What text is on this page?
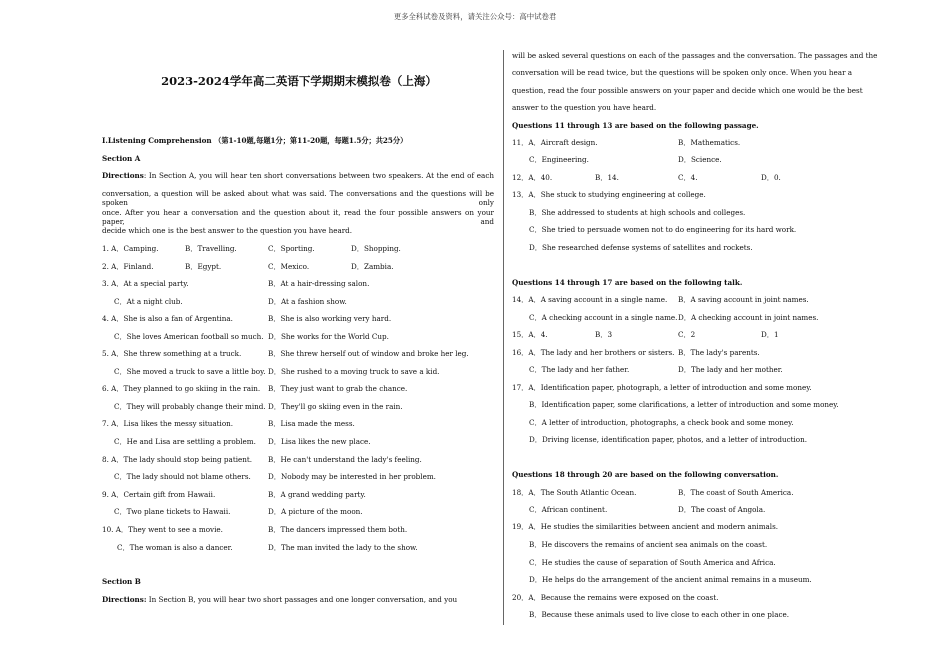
更多全科试卷及资料，请关注公众号：高中试卷君
2023-2024学年高二英语下学期期末模拟卷（上海）
I.Listening Comprehension （第1-10题,每题1分；第11-20题，每题1.5分；共25分）
Section A
Directions: In Section A, you will hear ten short conversations between two speakers. At the end of each
conversation, a question will be asked about what was said. The conversations and the questions will be spoken only
once. After you hear a conversation and the question about it, read the four possible answers on your paper, and
decide which one is the best answer to the question you have heard.
1. A．Camping.	B．Travelling.	C．Sporting.	D．Shopping.
2. A．Finland.	B．Egypt.	C．Mexico.	D．Zambia.
3. A．At a special party.	B．At a hair-dressing salon.
C．At a night club.	D．At a fashion show.
4. A．She is also a fan of Argentina.	B．She is also working very hard.
C．She loves American football so much. D．She works for the World Cup.
5. A．She threw something at a truck.	B．She threw herself out of window and broke her leg.
C．She moved a truck to save a little boy. D．She rushed to a moving truck to save a kid.
6. A．They planned to go skiing in the rain. B．They just want to grab the chance.
C．They will probably change their mind. D．They'll go skiing even in the rain.
7. A．Lisa likes the messy situation.	B．Lisa made the mess.
C．He and Lisa are settling a problem. D．Lisa likes the new place.
8. A．The lady should stop being patient. B．He can't understand the lady's feeling.
C．The lady should not blame others. D．Nobody may be interested in her problem.
9. A．Certain gift from Hawaii.	B．A grand wedding party.
C．Two plane tickets to Hawaii.	D．A picture of the moon.
10. A．They went to see a movie.	B．The dancers impressed them both.
C．The woman is also a dancer.	D．The man invited the lady to the show.
Section B
Directions: In Section B, you will hear two short passages and one longer conversation, and you
will be asked several questions on each of the passages and the conversation. The passages and the
conversation will be read twice, but the questions will be spoken only once. When you hear a
question, read the four possible answers on your paper and decide which one would be the best
answer to the question you have heard.
Questions 11 through 13 are based on the following passage.
11．A．Aircraft design.	B．Mathematics.
C．Engineering.	D．Science.
12．A．40.	B．14.	C．4.	D．0.
13．A．She stuck to studying engineering at college.
B．She addressed to students at high schools and colleges.
C．She tried to persuade women not to do engineering for its hard work.
D．She researched defense systems of satellites and rockets.
Questions 14 through 17 are based on the following talk.
14．A．A saving account in a single name. B．A saving account in joint names.
C．A checking account in a single name. D．A checking account in joint names.
15．A．4.	B．3	C．2	D．1
16．A．The lady and her brothers or sisters. B．The lady's parents.
C．The lady and her father.	D．The lady and her mother.
17．A．Identification paper, photograph, a letter of introduction and some money.
B．Identification paper, some clarifications, a letter of introduction and some money.
C．A letter of introduction, photographs, a check book and some money.
D．Driving license, identification paper, photos, and a letter of introduction.
Questions 18 through 20 are based on the following conversation.
18．A．The South Atlantic Ocean.	B．The coast of South America.
C．African continent.	D．The coast of Angola.
19．A．He studies the similarities between ancient and modern animals.
B．He discovers the remains of ancient sea animals on the coast.
C．He studies the cause of separation of South America and Africa.
D．He helps do the arrangement of the ancient animal remains in a museum.
20．A．Because the remains were exposed on the coast.
B．Because these animals used to live close to each other in one place.
